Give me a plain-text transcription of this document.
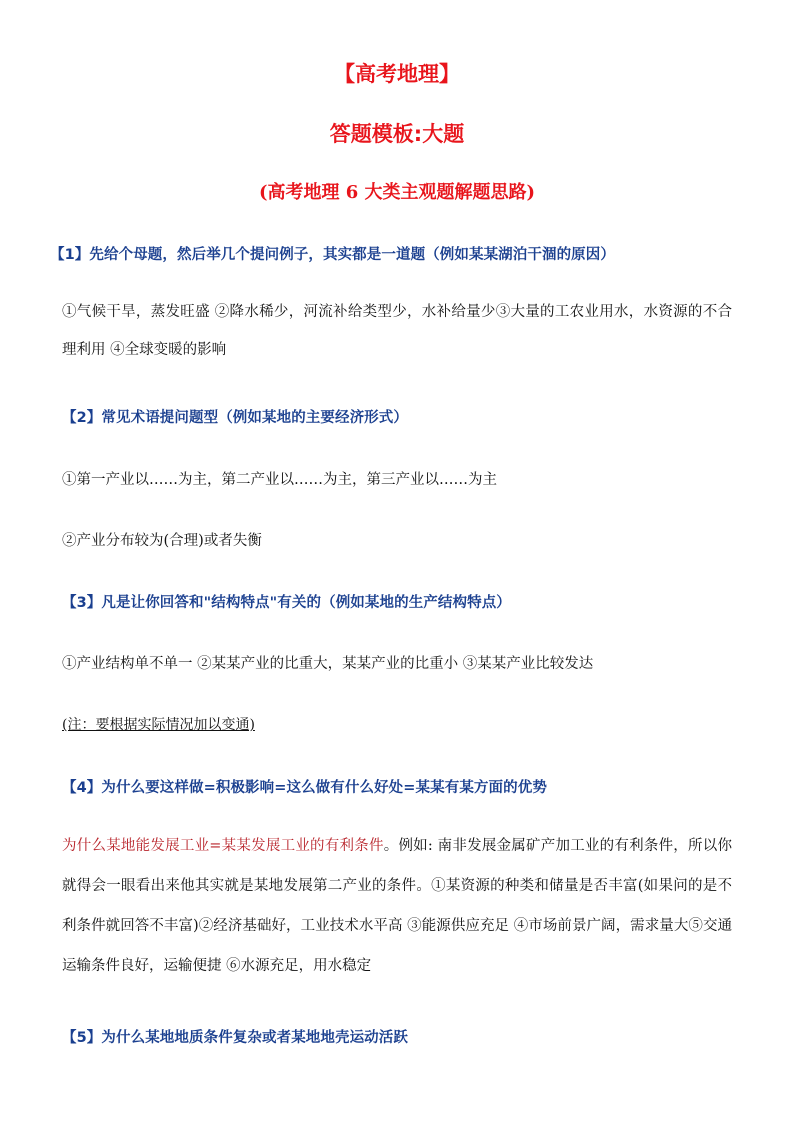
【高考地理】
答题模板:大题
(高考地理 6 大类主观题解题思路)
【1】先给个母题，然后举几个提问例子，其实都是一道题（例如某某湖泊干涸的原因）
①气候干旱，蒸发旺盛 ②降水稀少，河流补给类型少，水补给量少③大量的工农业用水，水资源的不合理利用 ④全球变暖的影响
【2】常见术语提问题型（例如某地的主要经济形式）
①第一产业以……为主，第二产业以……为主，第三产业以……为主
②产业分布较为(合理)或者失衡
【3】凡是让你回答和"结构特点"有关的（例如某地的生产结构特点）
①产业结构单不单一 ②某某产业的比重大，某某产业的比重小 ③某某产业比较发达
(注：要根据实际情况加以变通)
【4】为什么要这样做=积极影响=这么做有什么好处=某某有某方面的优势
为什么某地能发展工业=某某发展工业的有利条件。例如: 南非发展金属矿产加工业的有利条件，所以你就得会一眼看出来他其实就是某地发展第二产业的条件。①某资源的种类和储量是否丰富(如果问的是不利条件就回答不丰富)②经济基础好，工业技术水平高 ③能源供应充足 ④市场前景广阔，需求量大⑤交通运输条件良好，运输便捷 ⑥水源充足，用水稳定
【5】为什么某地地质条件复杂或者某地地壳运动活跃
